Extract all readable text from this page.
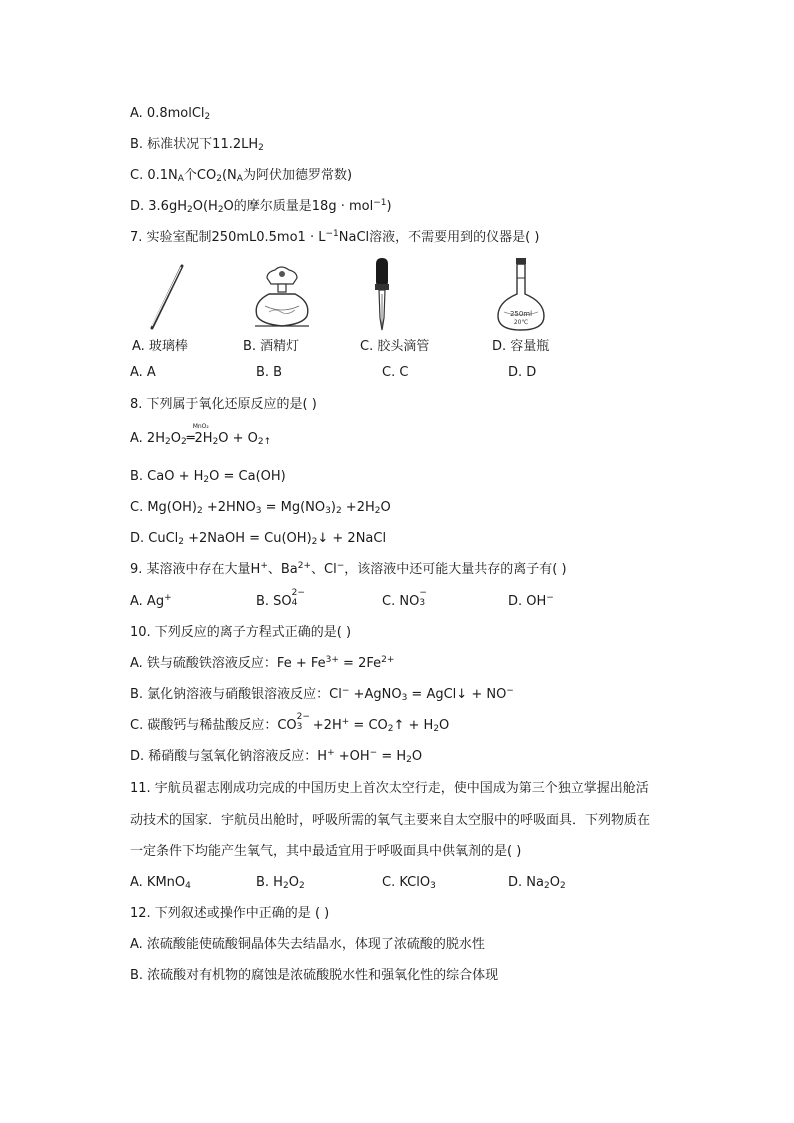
A. 0.8molCl$_2$
B. 标准状况下$11.2LH_2$
C. $0.1N_A$个$CO_2(N_A$为阿伏加德罗常数)
D. $3.6gH_2O(H_2O$的摩尔质量是18g · mol$^{-1}$)
7. 实验室配制$250mL0.5mo1 \cdot L^{-1}NaCl$溶液，不需要用到的仪器是( )
A. 玻璃棒	B. 酒精灯	C. 胶头滴管
250ml
20℃
D. 容量瓶
A. A	B. B	C. C	D. D
8. 下列属于氧化还原反应的是( )
A. $2H_2O_2$
MnO₂
$═2H_2O + O_{2↑}$
B. CaO + $H_2O = Ca(OH)$
C. $Mg(OH)_2 +2HNO_3 = Mg(NO_3)_2 +2H_2O$
D. CuCl$_2$ +2NaOH = $Cu(OH)_2↓$ + 2NaCl
9. 某溶液中存在大量H+、$Ba^{2+}$、Cl−，该溶液中还可能大量共存的离子有( )
A. Ag+	B. SO
2−
4	C. NO
−
3	D. OH−
10. 下列反应的离子方程式正确的是( )
A. 铁与硫酸铁溶液反应：$Fe + Fe^{3+} = 2Fe^{2+}$
B. 氯化钠溶液与硝酸银溶液反应：Cl− +AgNO$_3$ = AgCl↓ + NO−
C. 碳酸钙与稀盐酸反应：CO
2−
$3 +2H^+ = CO_2↑ + H_2O$
D. 稀硝酸与氢氧化钠溶液反应：$H^+ +OH^- = H_2O$
11. 宇航员翟志刚成功完成的中国历史上首次太空行走，使中国成为第三个独立掌握出舱活
动技术的国家．宇航员出舱时，呼吸所需的氧气主要来自太空服中的呼吸面具．下列物质在
一定条件下均能产生氧气，其中最适宜用于呼吸面具中供氧剂的是( )
A. KMnO$_4$	B. $H_2O_2$	C. KClO$_3$	D. $Na_2O_2$
12. 下列叙述或操作中正确的是 ( )
A. 浓硫酸能使硫酸铜晶体失去结晶水，体现了浓硫酸的脱水性
B. 浓硫酸对有机物的腐蚀是浓硫酸脱水性和强氧化性的综合体现
